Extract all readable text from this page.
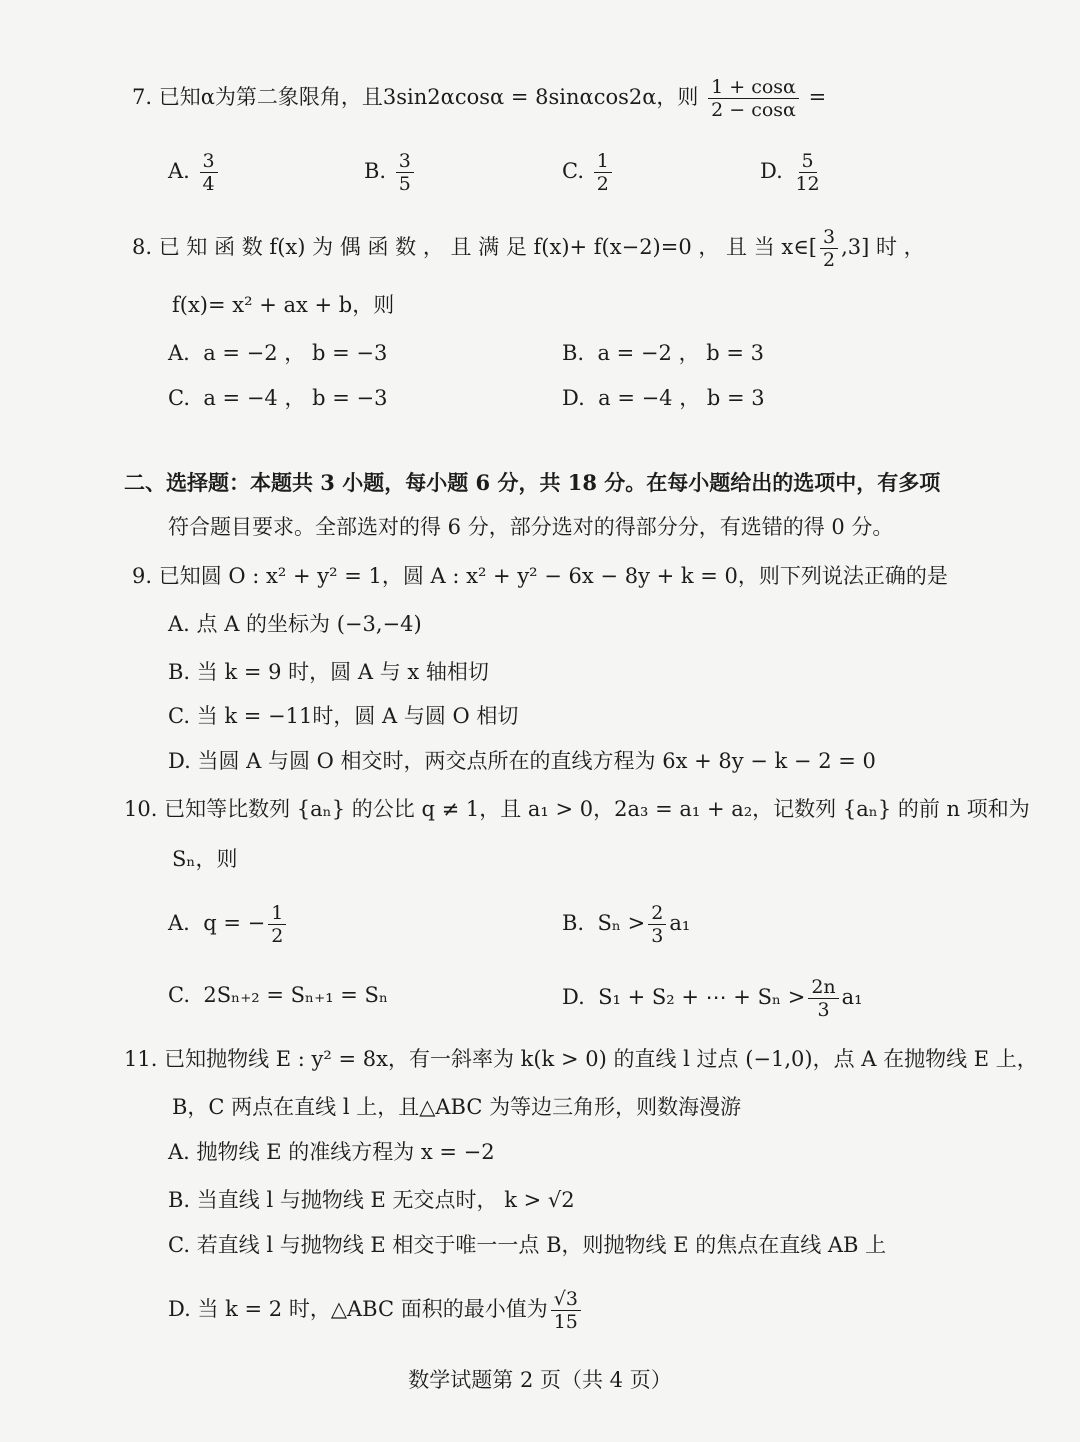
7. 已知α为第二象限角，且3sin2αcosα = 8sinαcos2α，则 $\frac{1 + \cos\alpha}{2 - \cos\alpha}$ =
A. $\frac{3}{4}$	B. $\frac{3}{5}$	C. $\frac{1}{2}$	D. $\frac{5}{12}$
8. 已 知 函 数 f(x) 为 偶 函 数 ， 且 满 足 f(x)+ f(x−2)=0 ， 且 当 x∈[ $\frac{3}{2} ,3$] 时 ，
f(x)= x² + ax + b，则
A. a = −2 ， b = −3	B. a = −2 ， b = 3
C. a = −4 ， b = −3	D. a = −4 ， b = 3
二、选择题：本题共 3 小题，每小题 6 分，共 18 分。在每小题给出的选项中，有多项
符合题目要求。全部选对的得 6 分，部分选对的得部分分，有选错的得 0 分。
9. 已知圆 O : x² + y² = 1，圆 A : x² + y² − 6x − 8y + k = 0，则下列说法正确的是
A. 点 A 的坐标为 (−3,−4)
B. 当 k = 9 时，圆 A 与 x 轴相切
C. 当 k = −11时，圆 A 与圆 O 相切
D. 当圆 A 与圆 O 相交时，两交点所在的直线方程为 6x + 8y − k − 2 = 0
10. 已知等比数列 {aₙ} 的公比 q ≠ 1，且 a₁ > 0，2a₃ = a₁ + a₂，记数列 {aₙ} 的前 n 项和为
Sₙ，则
A. q = − $\frac{1}{2}$	B. $S_n > \frac{2}{3} a_1$
C. 2Sₙ₊₂ = Sₙ₊₁ = Sₙ	D. S₁ + S₂ + ⋯ + $S_n > \frac{2n}{3} a_1$
11. 已知抛物线 E : y² = 8x，有一斜率为 k(k > 0) 的直线 l 过点 (−1,0)，点 A 在抛物线 E 上，
B，C 两点在直线 l 上，且△ABC 为等边三角形，则数海漫游
A. 抛物线 E 的准线方程为 x = −2
B. 当直线 l 与抛物线 E 无交点时， k > √2
C. 若直线 l 与抛物线 E 相交于唯一一点 B，则抛物线 E 的焦点在直线 AB 上
D. 当 k = 2 时，△ABC 面积的最小值为 $\frac{√3}{15}$
数学试题第 2 页（共 4 页）
